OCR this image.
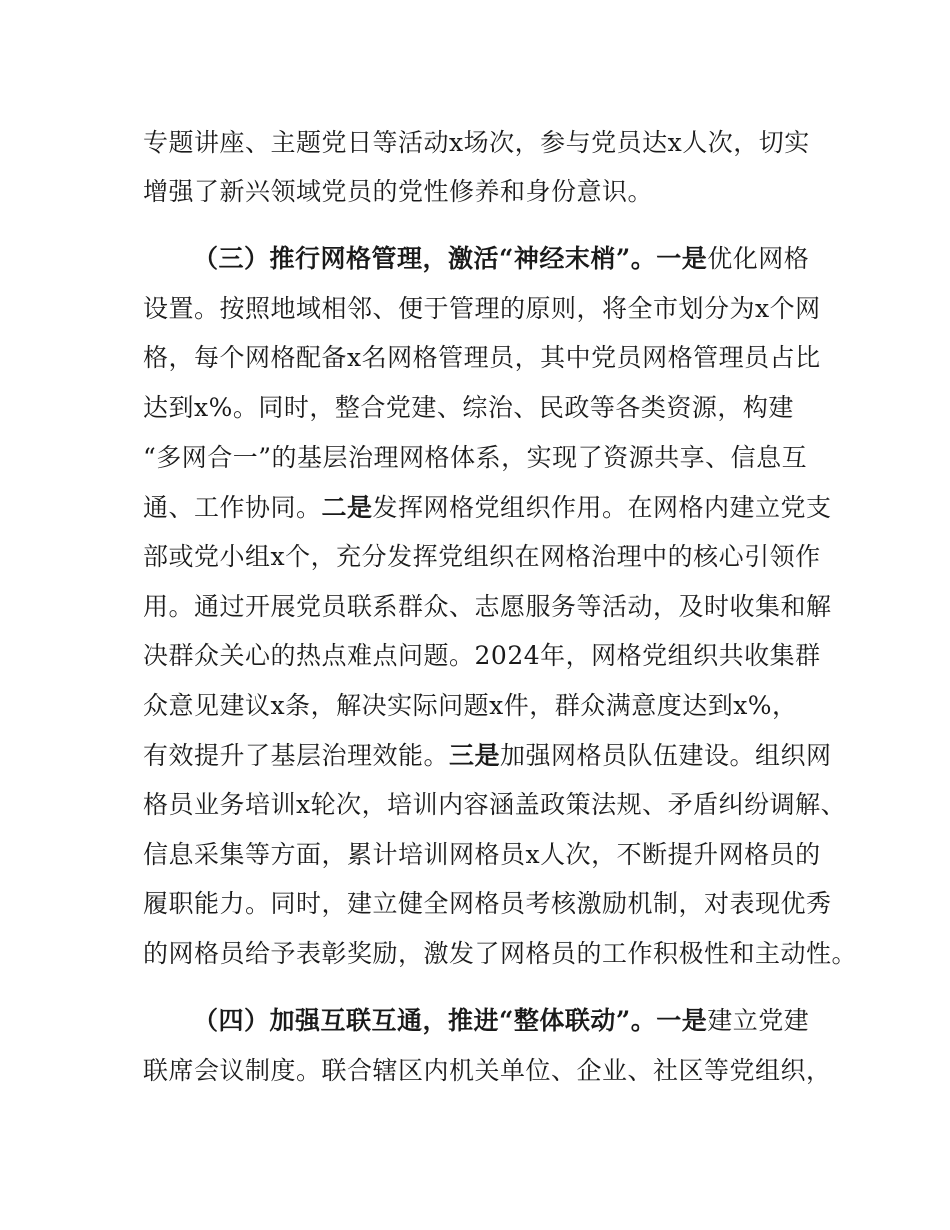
专题讲座、主题党日等活动x场次，参与党员达x人次，切实
增强了新兴领域党员的党性修养和身份意识。
（三）推行网格管理，激活“神经末梢”。一是优化网格
设置。按照地域相邻、便于管理的原则，将全市划分为x个网
格，每个网格配备x名网格管理员，其中党员网格管理员占比
达到x%。同时，整合党建、综治、民政等各类资源，构建
“多网合一”的基层治理网格体系，实现了资源共享、信息互
通、工作协同。二是发挥网格党组织作用。在网格内建立党支
部或党小组x个，充分发挥党组织在网格治理中的核心引领作
用。通过开展党员联系群众、志愿服务等活动，及时收集和解
决群众关心的热点难点问题。2024年，网格党组织共收集群
众意见建议x条，解决实际问题x件，群众满意度达到x%，
有效提升了基层治理效能。三是加强网格员队伍建设。组织网
格员业务培训x轮次，培训内容涵盖政策法规、矛盾纠纷调解、
信息采集等方面，累计培训网格员x人次，不断提升网格员的
履职能力。同时，建立健全网格员考核激励机制，对表现优秀
的网格员给予表彰奖励，激发了网格员的工作积极性和主动性。
（四）加强互联互通，推进“整体联动”。一是建立党建
联席会议制度。联合辖区内机关单位、企业、社区等党组织，
